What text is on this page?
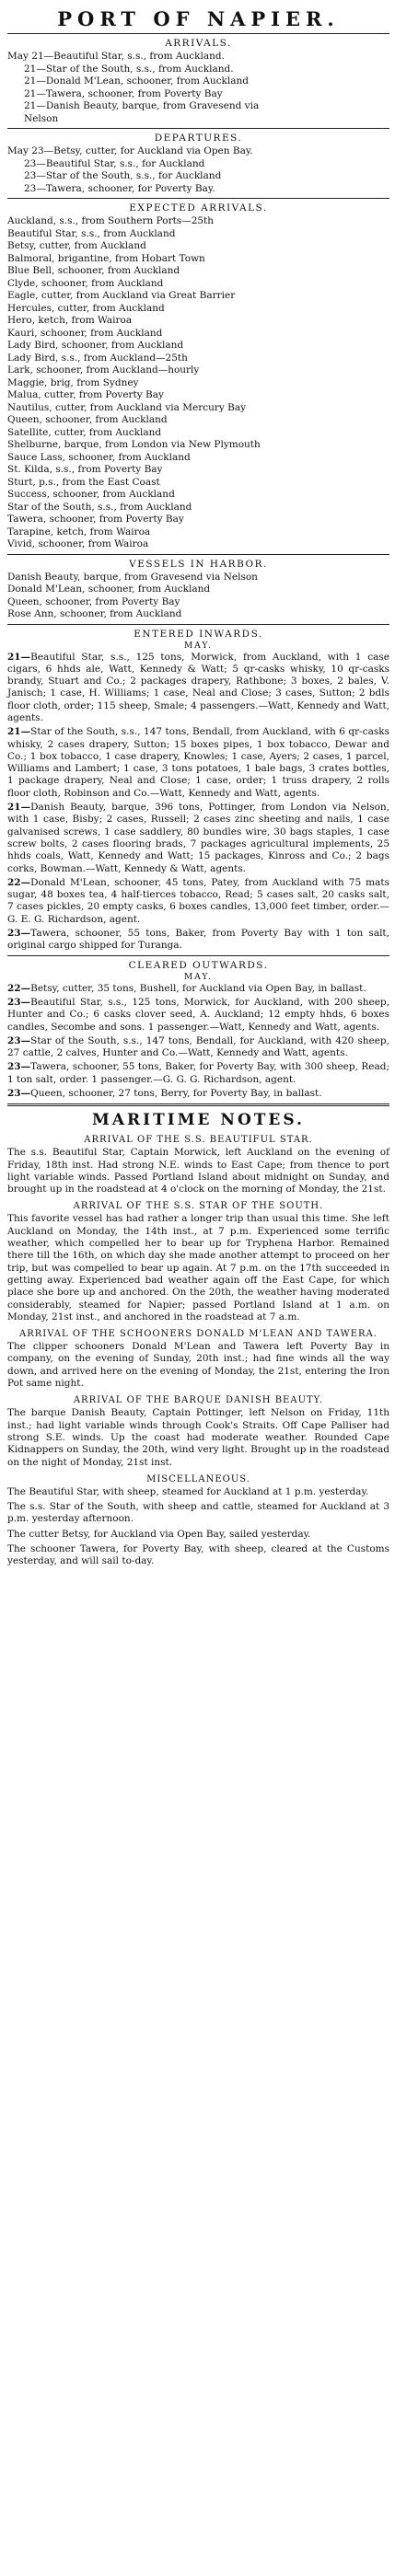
PORT OF NAPIER.
ARRIVALS.
May 21—Beautiful Star, s.s., from Auckland.
21—Star of the South, s.s., from Auckland.
21—Donald M'Lean, schooner, from Auckland
21—Tawera, schooner, from Poverty Bay
21—Danish Beauty, barque, from Gravesend via
Nelson
DEPARTURES.
May 23—Betsy, cutter, for Auckland via Open Bay.
23—Beautiful Star, s.s., for Auckland
23—Star of the South, s.s., for Auckland
23—Tawera, schooner, for Poverty Bay.
EXPECTED ARRIVALS.
Auckland, s.s., from Southern Ports—25th
Beautiful Star, s.s., from Auckland
Betsy, cutter, from Auckland
Balmoral, brigantine, from Hobart Town
Blue Bell, schooner, from Auckland
Clyde, schooner, from Auckland
Eagle, cutter, from Auckland via Great Barrier
Hercules, cutter, from Auckland
Hero, ketch, from Wairoa
Kauri, schooner, from Auckland
Lady Bird, schooner, from Auckland
Lady Bird, s.s., from Auckland—25th
Lark, schooner, from Auckland—hourly
Maggie, brig, from Sydney
Malua, cutter, from Poverty Bay
Nautilus, cutter, from Auckland via Mercury Bay
Queen, schooner, from Auckland
Satellite, cutter, from Auckland
Shelburne, barque, from London via New Plymouth
Sauce Lass, schooner, from Auckland
St. Kilda, s.s., from Poverty Bay
Sturt, p.s., from the East Coast
Success, schooner, from Auckland
Star of the South, s.s., from Auckland
Tawera, schooner, from Poverty Bay
Tarapine, ketch, from Wairoa
Vivid, schooner, from Wairoa
VESSELS IN HARBOR.
Danish Beauty, barque, from Gravesend via Nelson
Donald M'Lean, schooner, from Auckland
Queen, schooner, from Poverty Bay
Rose Ann, schooner, from Auckland
ENTERED INWARDS.
MAY.
21—Beautiful Star, s.s., 125 tons, Morwick, from Auckland, with 1 case cigars, 6 hhds ale, Watt, Kennedy & Watt; 5 qr-casks whisky, 10 qr-casks brandy, Stuart and Co.; 2 packages drapery, Rathbone; 3 boxes, 2 bales, V. Janisch; 1 case, H. Williams; 1 case, Neal and Close; 3 cases, Sutton; 2 bdls floor cloth, order; 115 sheep, Smale; 4 passengers.—Watt, Kennedy and Watt, agents.
21—Star of the South, s.s., 147 tons, Bendall, from Auckland, with 6 qr-casks whisky, 2 cases drapery, Sutton; 15 boxes pipes, 1 box tobacco, Dewar and Co.; 1 box tobacco, 1 case drapery, Knowles; 1 case, Ayers; 2 cases, 1 parcel, Williams and Lambert; 1 case, 3 tons potatoes, 1 bale bags, 3 crates bottles, 1 package drapery, Neal and Close; 1 case, order; 1 truss drapery, 2 rolls floor cloth, Robinson and Co.—Watt, Kennedy and Watt, agents.
21—Danish Beauty, barque, 396 tons, Pottinger, from London via Nelson, with 1 case, Bisby; 2 cases, Russell; 2 cases zinc sheeting and nails, 1 case galvanised screws, 1 case saddlery, 80 bundles wire, 30 bags staples, 1 case screw bolts, 2 cases flooring brads, 7 packages agricultural implements, 25 hhds coals, Watt, Kennedy and Watt; 15 packages, Kinross and Co.; 2 bags corks, Bowman.—Watt, Kennedy & Watt, agents.
22—Donald M'Lean, schooner, 45 tons, Patey, from Auckland with 75 mats sugar, 48 boxes tea, 4 half-tierces tobacco, Read; 5 cases salt, 20 casks salt, 7 cases pickles, 20 empty casks, 6 boxes candles, 13,000 feet timber, order.—G. E. G. Richardson, agent.
23—Tawera, schooner, 55 tons, Baker, from Poverty Bay with 1 ton salt, original cargo shipped for Turanga.
CLEARED OUTWARDS.
MAY.
22—Betsy, cutter, 35 tons, Bushell, for Auckland via Open Bay, in ballast.
23—Beautiful Star, s.s., 125 tons, Morwick, for Auckland, with 200 sheep, Hunter and Co.; 6 casks clover seed, A. Auckland; 12 empty hhds, 6 boxes candles, Secombe and sons. 1 passenger.—Watt, Kennedy and Watt, agents.
23—Star of the South, s.s., 147 tons, Bendall, for Auckland, with 420 sheep, 27 cattle, 2 calves, Hunter and Co.—Watt, Kennedy and Watt, agents.
23—Tawera, schooner, 55 tons, Baker, for Poverty Bay, with 300 sheep, Read; 1 ton salt, order. 1 passenger.—G. G. G. Richardson, agent.
23—Queen, schooner, 27 tons, Berry, for Poverty Bay, in ballast.
MARITIME NOTES.
ARRIVAL OF THE S.S. BEAUTIFUL STAR.
The s.s. Beautiful Star, Captain Morwick, left Auckland on the evening of Friday, 18th inst. Had strong N.E. winds to East Cape; from thence to port light variable winds. Passed Portland Island about midnight on Sunday, and brought up in the roadstead at 4 o'clock on the morning of Monday, the 21st.
ARRIVAL OF THE S.S. STAR OF THE SOUTH.
This favorite vessel has had rather a longer trip than usual this time. She left Auckland on Monday, the 14th inst., at 7 p.m. Experienced some terrific weather, which compelled her to bear up for Tryphena Harbor. Remained there till the 16th, on which day she made another attempt to proceed on her trip, but was compelled to bear up again. At 7 p.m. on the 17th succeeded in getting away. Experienced bad weather again off the East Cape, for which place she bore up and anchored. On the 20th, the weather having moderated considerably, steamed for Napier; passed Portland Island at 1 a.m. on Monday, 21st inst., and anchored in the roadstead at 7 a.m.
ARRIVAL OF THE SCHOONERS DONALD M'LEAN AND TAWERA.
The clipper schooners Donald M'Lean and Tawera left Poverty Bay in company, on the evening of Sunday, 20th inst.; had fine winds all the way down, and arrived here on the evening of Monday, the 21st, entering the Iron Pot same night.
ARRIVAL OF THE BARQUE DANISH BEAUTY.
The barque Danish Beauty, Captain Pottinger, left Nelson on Friday, 11th inst.; had light variable winds through Cook's Straits. Off Cape Palliser had strong S.E. winds. Up the coast had moderate weather. Rounded Cape Kidnappers on Sunday, the 20th, wind very light. Brought up in the roadstead on the night of Monday, 21st inst.
MISCELLANEOUS.
The Beautiful Star, with sheep, steamed for Auckland at 1 p.m. yesterday.
The s.s. Star of the South, with sheep and cattle, steamed for Auckland at 3 p.m. yesterday afternoon.
The cutter Betsy, for Auckland via Open Bay, sailed yesterday.
The schooner Tawera, for Poverty Bay, with sheep, cleared at the Customs yesterday, and will sail to-day.
